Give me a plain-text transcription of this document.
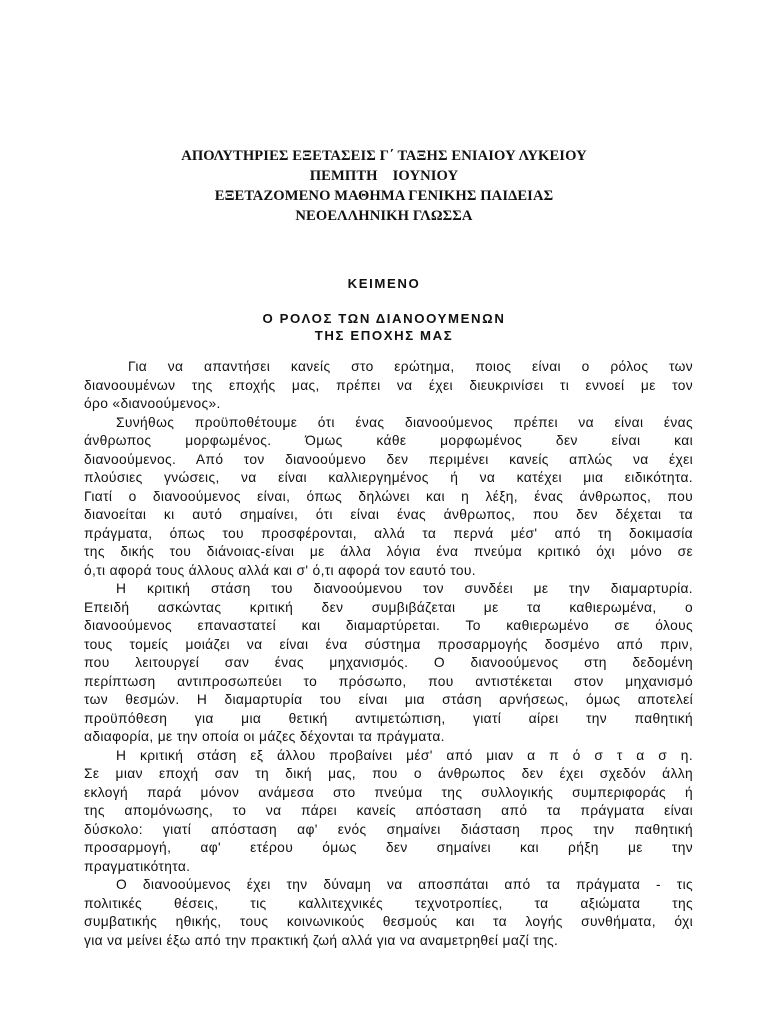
ΑΠΟΛΥΤΗΡΙΕΣ ΕΞΕΤΑΣΕΙΣ Γ΄ ΤΑΞΗΣ ΕΝΙΑΙΟΥ ΛΥΚΕΙΟΥ
ΠΕΜΠΤΗ    ΙΟΥΝΙΟΥ
ΕΞΕΤΑΖΟΜΕΝΟ ΜΑΘΗΜΑ ΓΕΝΙΚΗΣ ΠΑΙΔΕΙΑΣ
ΝΕΟΕΛΛΗΝΙΚΗ ΓΛΩΣΣΑ
ΚΕΙΜΕΝΟ
Ο ΡΟΛΟΣ ΤΩΝ ΔΙΑΝΟΟΥΜΕΝΩΝ
ΤΗΣ ΕΠΟΧΗΣ ΜΑΣ
Για να απαντήσει κανείς στο ερώτημα, ποιος είναι ο ρόλος των
διανοουμένων της εποχής μας, πρέπει να έχει διευκρινίσει τι εννοεί με τον
όρο «διανοούμενος».
Συνήθως προϋποθέτουμε ότι ένας διανοούμενος πρέπει να είναι ένας
άνθρωπος μορφωμένος. Όμως κάθε μορφωμένος δεν είναι και
διανοούμενος. Από τον διανοούμενο δεν περιμένει κανείς απλώς να έχει
πλούσιες γνώσεις, να είναι καλλιεργημένος ή να κατέχει μια ειδικότητα.
Γιατί ο διανοούμενος είναι, όπως δηλώνει και η λέξη, ένας άνθρωπος, που
διανοείται κι αυτό σημαίνει, ότι είναι ένας άνθρωπος, που δεν δέχεται τα
πράγματα, όπως του προσφέρονται, αλλά τα περνά μέσ' από τη δοκιμασία
της δικής του διάνοιας-είναι με άλλα λόγια ένα πνεύμα κριτικό όχι μόνο σε
ό,τι αφορά τους άλλους αλλά και σ' ό,τι αφορά τον εαυτό του.
Η κριτική στάση του διανοούμενου τον συνδέει με την διαμαρτυρία.
Επειδή ασκώντας κριτική δεν συμβιβάζεται με τα καθιερωμένα, ο
διανοούμενος επαναστατεί και διαμαρτύρεται. Το καθιερωμένο σε όλους
τους τομείς μοιάζει να είναι ένα σύστημα προσαρμογής δοσμένο από πριν,
που λειτουργεί σαν ένας μηχανισμός. Ο διανοούμενος στη δεδομένη
περίπτωση αντιπροσωπεύει το πρόσωπο, που αντιστέκεται στον μηχανισμό
των θεσμών. Η διαμαρτυρία του είναι μια στάση αρνήσεως, όμως αποτελεί
προϋπόθεση για μια θετική αντιμετώπιση, γιατί αίρει την παθητική
αδιαφορία, με την οποία οι μάζες δέχονται τα πράγματα.
Η κριτική στάση εξ άλλου προβαίνει μέσ' από μιαν α π ό σ τ α σ η.
Σε μιαν εποχή σαν τη δική μας, που ο άνθρωπος δεν έχει σχεδόν άλλη
εκλογή παρά μόνον ανάμεσα στο πνεύμα της συλλογικής συμπεριφοράς ή
της απομόνωσης, το να πάρει κανείς απόσταση από τα πράγματα είναι
δύσκολο: γιατί απόσταση αφ' ενός σημαίνει διάσταση προς την παθητική
προσαρμογή, αφ' ετέρου όμως δεν σημαίνει και ρήξη με την
πραγματικότητα.
Ο διανοούμενος έχει την δύναμη να αποσπάται από τα πράγματα - τις
πολιτικές θέσεις, τις καλλιτεχνικές τεχνοτροπίες, τα αξιώματα της
συμβατικής ηθικής, τους κοινωνικούς θεσμούς και τα λογής συνθήματα, όχι
για να μείνει έξω από την πρακτική ζωή αλλά για να αναμετρηθεί μαζί της.
